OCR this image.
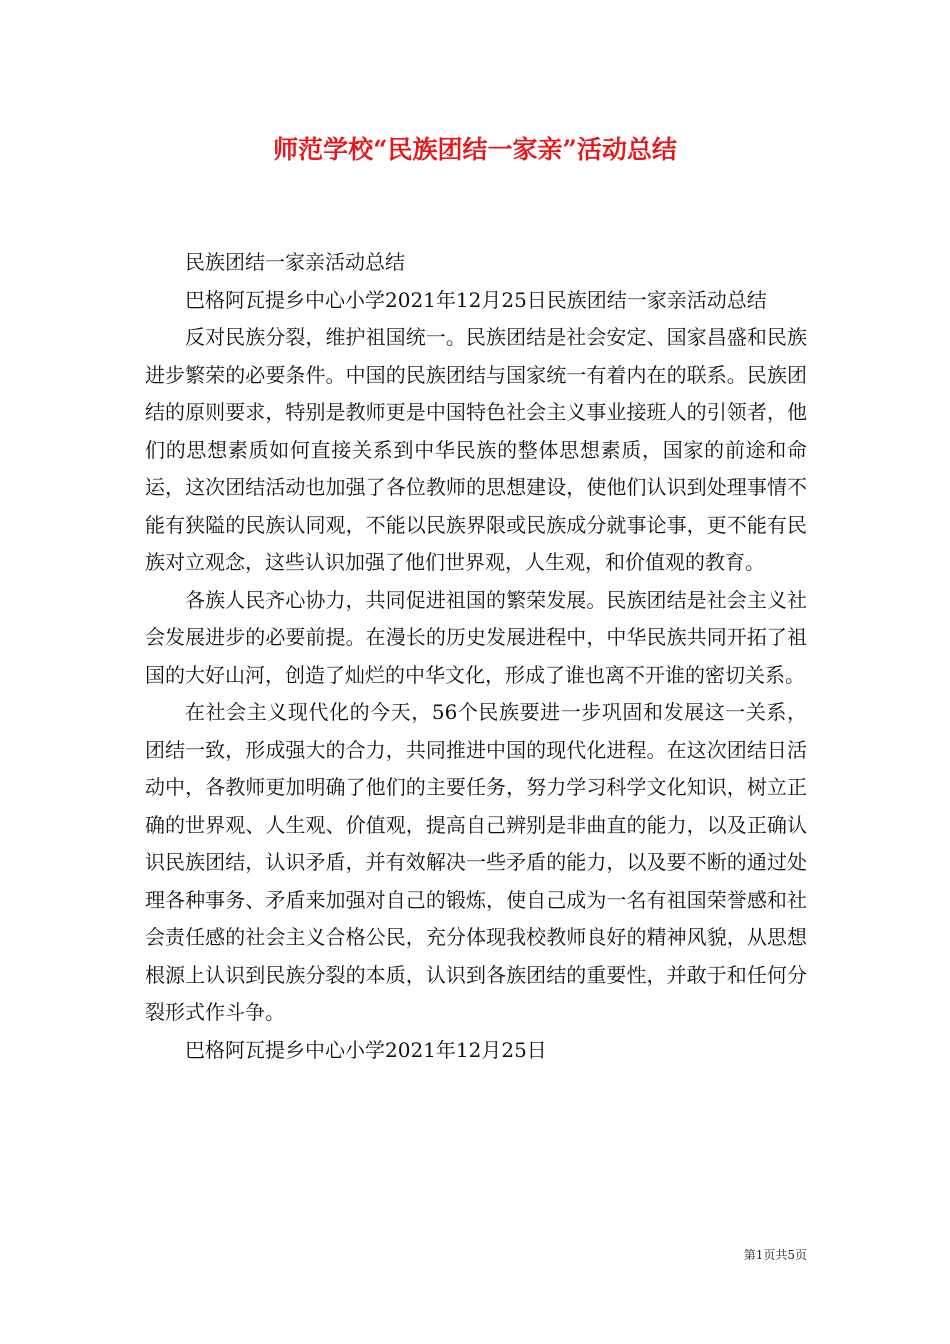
师范学校“民族团结一家亲”活动总结

民族团结一家亲活动总结

巴格阿瓦提乡中心小学2021年12月25日民族团结一家亲活动总结

反对民族分裂，维护祖国统一。民族团结是社会安定、国家昌盛和民族进步繁荣的必要条件。中国的民族团结与国家统一有着内在的联系。民族团结的原则要求，特别是教师更是中国特色社会主义事业接班人的引领者，他们的思想素质如何直接关系到中华民族的整体思想素质，国家的前途和命运，这次团结活动也加强了各位教师的思想建设，使他们认识到处理事情不能有狭隘的民族认同观，不能以民族界限或民族成分就事论事，更不能有民族对立观念，这些认识加强了他们世界观，人生观，和价值观的教育。

各族人民齐心协力，共同促进祖国的繁荣发展。民族团结是社会主义社会发展进步的必要前提。在漫长的历史发展进程中，中华民族共同开拓了祖国的大好山河，创造了灿烂的中华文化，形成了谁也离不开谁的密切关系。

在社会主义现代化的今天，56个民族要进一步巩固和发展这一关系，团结一致，形成强大的合力，共同推进中国的现代化进程。在这次团结日活动中，各教师更加明确了他们的主要任务，努力学习科学文化知识，树立正确的世界观、人生观、价值观，提高自己辨别是非曲直的能力，以及正确认识民族团结，认识矛盾，并有效解决一些矛盾的能力，以及要不断的通过处理各种事务、矛盾来加强对自己的锻炼，使自己成为一名有祖国荣誉感和社会责任感的社会主义合格公民，充分体现我校教师良好的精神风貌，从思想根源上认识到民族分裂的本质，认识到各族团结的重要性，并敢于和任何分裂形式作斗争。

巴格阿瓦提乡中心小学2021年12月25日

第1页共5页
